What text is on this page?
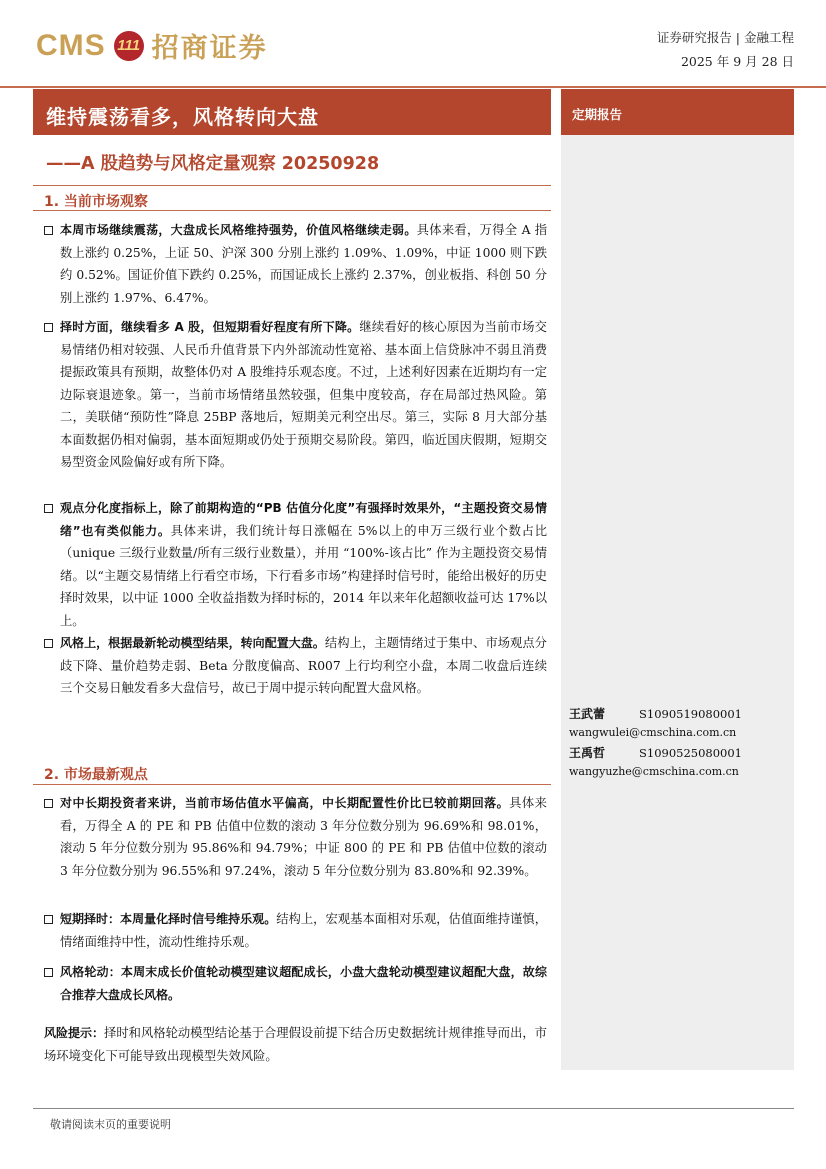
CMS 111 招商证券	证券研究报告 | 金融工程
2025 年 9 月 28 日
维持震荡看多，风格转向大盘
——A 股趋势与风格定量观察 20250928
定期报告
王武蕾	S1090519080001
wangwulei@cmschina.com.cn
王禹哲	S1090525080001
wangyuzhe@cmschina.com.cn
1. 当前市场观察
本周市场继续震荡，大盘成长风格维持强势，价值风格继续走弱。具体来看，万得全 A 指数上涨约 0.25%，上证 50、沪深 300 分别上涨约 1.09%、1.09%，中证 1000 则下跌约 0.52%。国证价值下跌约 0.25%，而国证成长上涨约 2.37%，创业板指、科创 50 分别上涨约 1.97%、6.47%。
择时方面，继续看多 A 股，但短期看好程度有所下降。继续看好的核心原因为当前市场交易情绪仍相对较强、人民币升值背景下内外部流动性宽裕、基本面上信贷脉冲不弱且消费提振政策具有预期，故整体仍对 A 股维持乐观态度。不过，上述利好因素在近期均有一定边际衰退迹象。第一，当前市场情绪虽然较强，但集中度较高，存在局部过热风险。第二，美联储“预防性”降息 25BP 落地后，短期美元利空出尽。第三，实际 8 月大部分基本面数据仍相对偏弱，基本面短期或仍处于预期交易阶段。第四，临近国庆假期，短期交易型资金风险偏好或有所下降。
观点分化度指标上，除了前期构造的“PB 估值分化度”有强择时效果外，“主题投资交易情绪”也有类似能力。具体来讲，我们统计每日涨幅在 5%以上的申万三级行业个数占比（unique 三级行业数量/所有三级行业数量），并用 “100%-该占比” 作为主题投资交易情绪。以“主题交易情绪上行看空市场，下行看多市场”构建择时信号时，能给出极好的历史择时效果，以中证 1000 全收益指数为择时标的，2014 年以来年化超额收益可达 17%以上。
风格上，根据最新轮动模型结果，转向配置大盘。结构上，主题情绪过于集中、市场观点分歧下降、量价趋势走弱、Beta 分散度偏高、R007 上行均利空小盘，本周二收盘后连续三个交易日触发看多大盘信号，故已于周中提示转向配置大盘风格。
2. 市场最新观点
对中长期投资者来讲，当前市场估值水平偏高，中长期配置性价比已较前期回落。具体来看，万得全 A 的 PE 和 PB 估值中位数的滚动 3 年分位数分别为 96.69%和 98.01%，滚动 5 年分位数分别为 95.86%和 94.79%；中证 800 的 PE 和 PB 估值中位数的滚动 3 年分位数分别为 96.55%和 97.24%，滚动 5 年分位数分别为 83.80%和 92.39%。
短期择时：本周量化择时信号维持乐观。结构上，宏观基本面相对乐观，估值面维持谨慎，情绪面维持中性，流动性维持乐观。
风格轮动：本周末成长价值轮动模型建议超配成长，小盘大盘轮动模型建议超配大盘，故综合推荐大盘成长风格。
风险提示：择时和风格轮动模型结论基于合理假设前提下结合历史数据统计规律推导而出，市场环境变化下可能导致出现模型失效风险。
敬请阅读末页的重要说明
